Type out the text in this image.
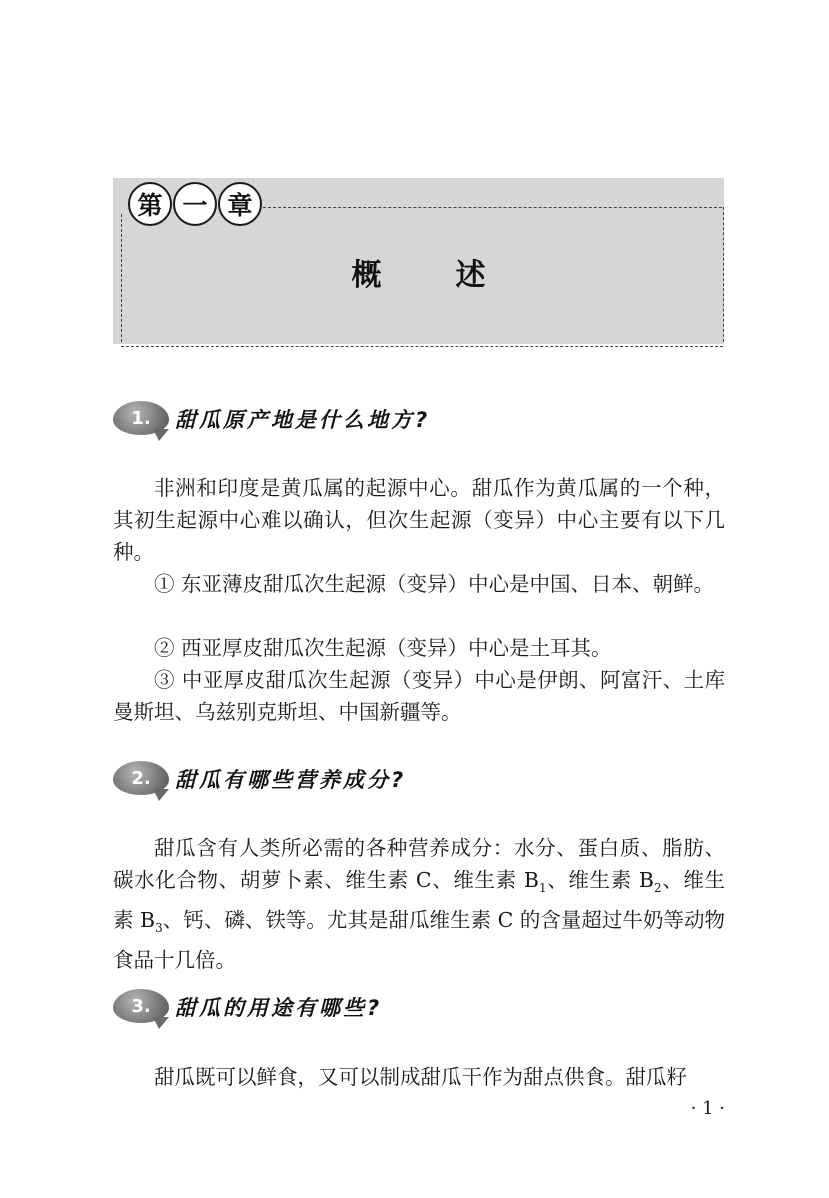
第 一 章
概述
1.	甜瓜原产地是什么地方?

非洲和印度是黄瓜属的起源中心。甜瓜作为黄瓜属的一个种，其初生起源中心难以确认，但次生起源（变异）中心主要有以下几种。

① 东亚薄皮甜瓜次生起源（变异）中心是中国、日本、朝鲜。

② 西亚厚皮甜瓜次生起源（变异）中心是土耳其。

③ 中亚厚皮甜瓜次生起源（变异）中心是伊朗、阿富汗、土库曼斯坦、乌兹别克斯坦、中国新疆等。

2.	甜瓜有哪些营养成分?

甜瓜含有人类所必需的各种营养成分：水分、蛋白质、脂肪、碳水化合物、胡萝卜素、维生素 C、维生素 $B_1$、维生素 $B_2$、维生素 $B_3$、钙、磷、铁等。尤其是甜瓜维生素 C 的含量超过牛奶等动物食品十几倍。

3.	甜瓜的用途有哪些?

甜瓜既可以鲜食，又可以制成甜瓜干作为甜点供食。甜瓜籽

· 1 ·
